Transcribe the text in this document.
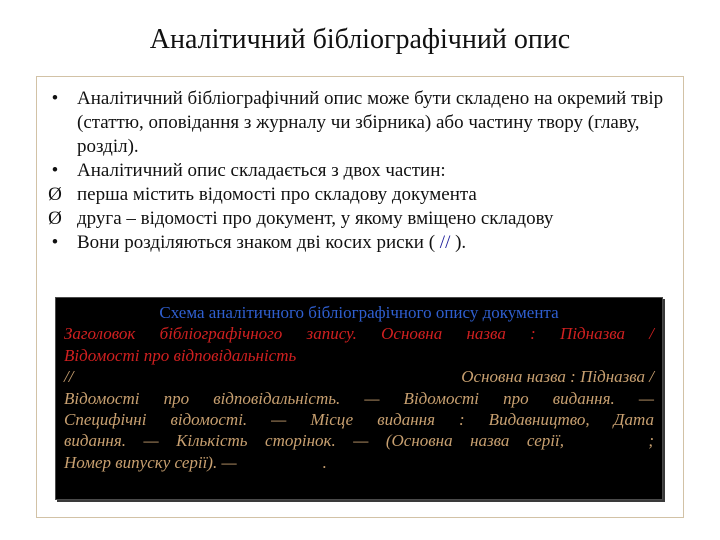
Аналітичний бібліографічний опис
• Аналітичний бібліографічний опис може бути складено на окремий твір (статтю, оповідання з журналу чи збірника) або частину твору (главу, розділ).
• Аналітичний опис складається з двох частин:
Ø перша містить відомості про складову документа
Ø друга – відомості про документ, у якому вміщено складову
• Вони розділяються знаком дві косих риски ( // ).
Схема аналітичного бібліографічного опису документа
Заголовок бібліографічного запису. Основна назва : Підназва /
Відомості про відповідальність
//	Основна назва : Підназва /
Відомості про відповідальність. — Відомості про видання. —
Специфічні відомості. — Місце видання : Видавництво, Дата
видання. — Кількість сторінок. — (Основна назва серії,	;
Номер випуску серії). —	.
